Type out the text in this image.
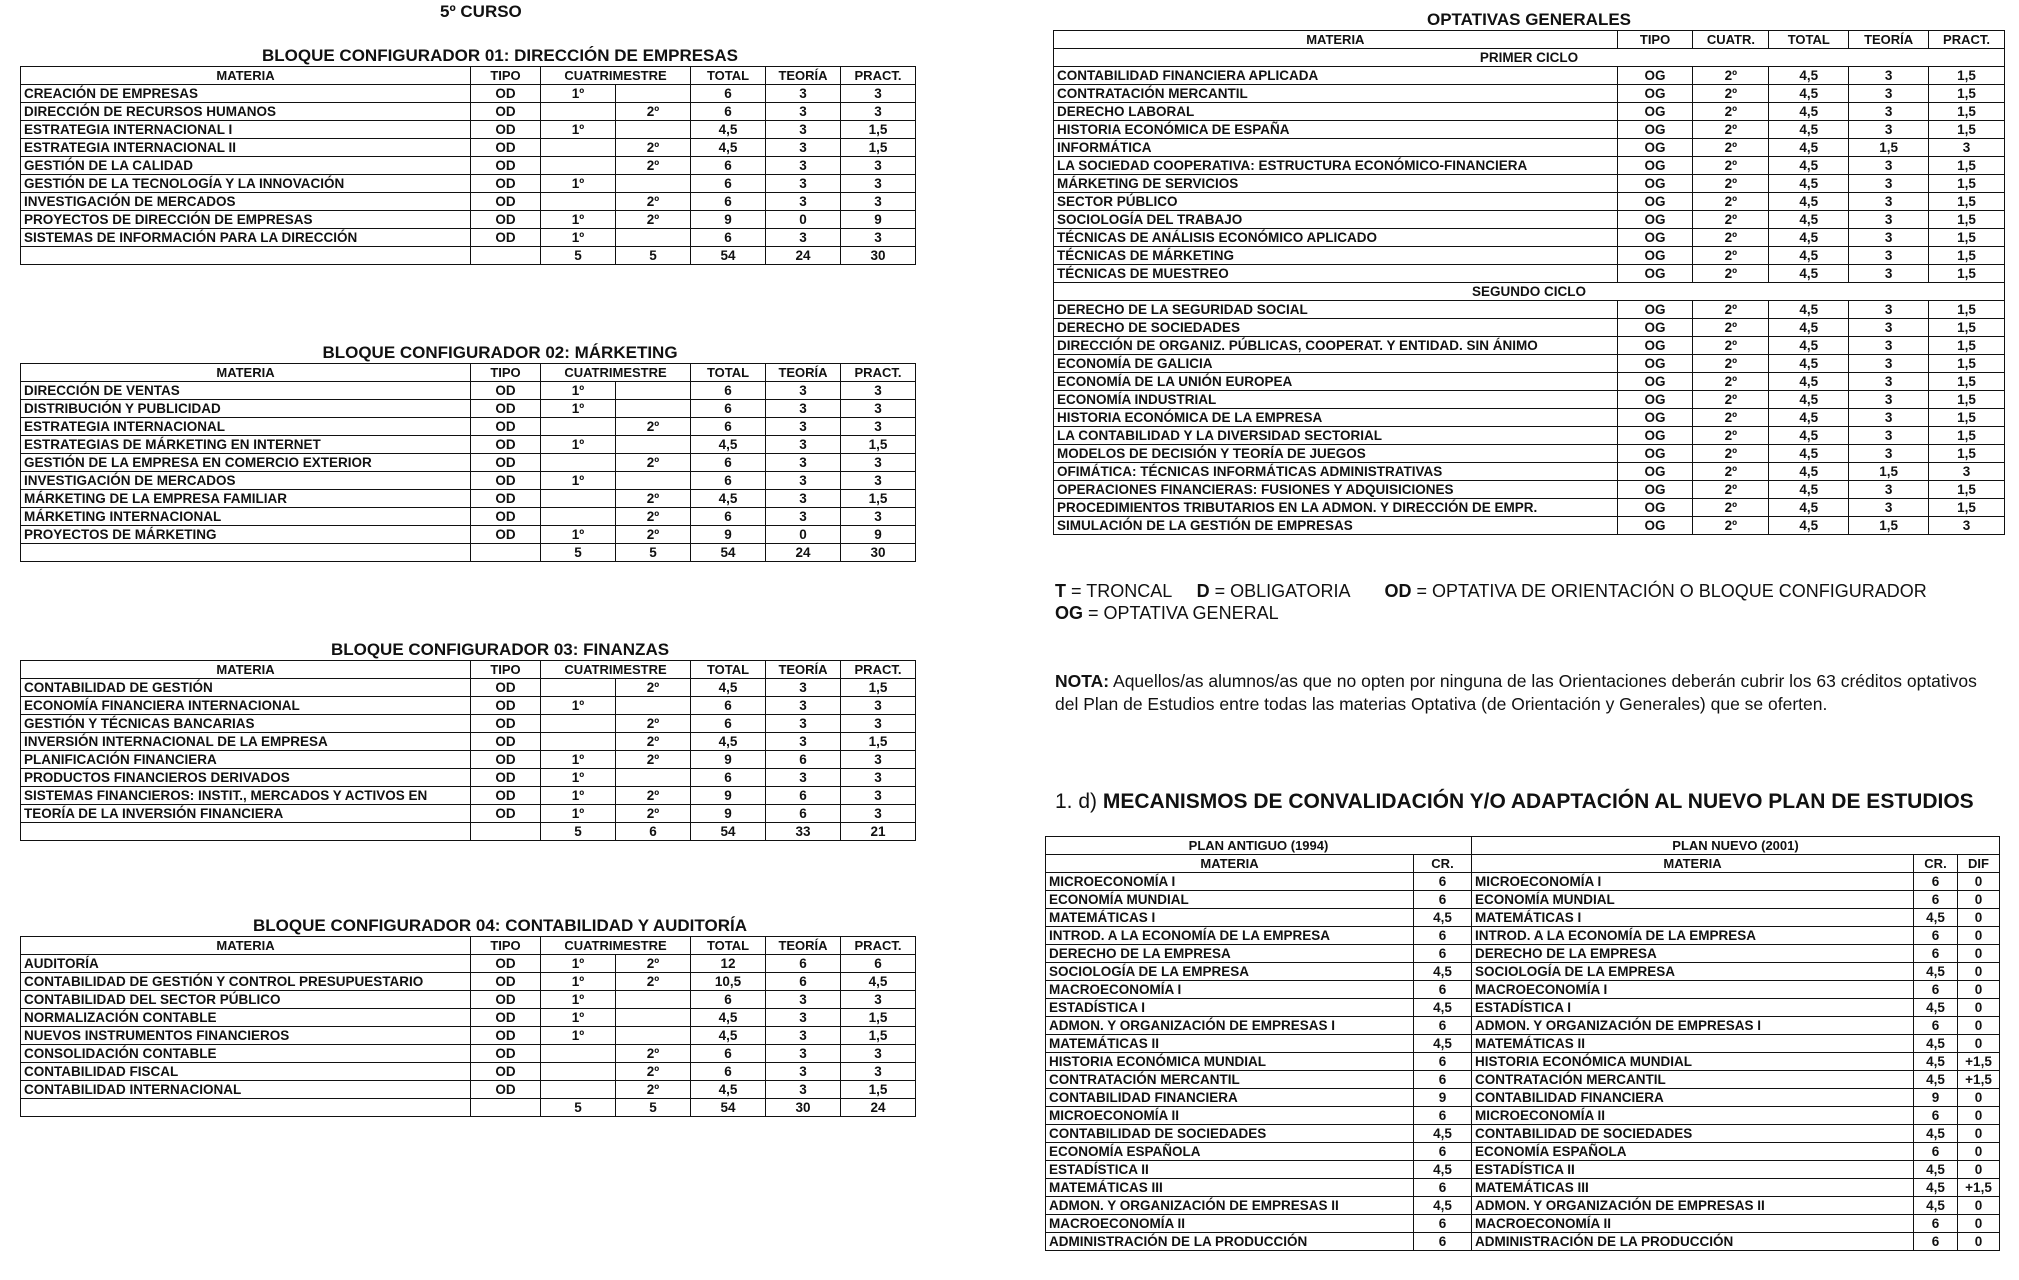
5º CURSO
BLOQUE CONFIGURADOR 01: DIRECCIÓN DE EMPRESAS
MATERIA	TIPO	CUATRIMESTRE		TOTAL	TEORÍA	PRACT.
CREACIÓN DE EMPRESAS	OD	1º		6	3	3
DIRECCIÓN DE RECURSOS HUMANOS	OD		2º	6	3	3
ESTRATEGIA INTERNACIONAL I	OD	1º		4,5	3	1,5
ESTRATEGIA INTERNACIONAL II	OD		2º	4,5	3	1,5
GESTIÓN DE LA CALIDAD	OD		2º	6	3	3
GESTIÓN DE LA TECNOLOGÍA Y LA INNOVACIÓN	OD	1º		6	3	3
INVESTIGACIÓN DE MERCADOS	OD		2º	6	3	3
PROYECTOS DE DIRECCIÓN DE EMPRESAS	OD	1º	2º	9	0	9
SISTEMAS DE INFORMACIÓN PARA LA DIRECCIÓN	OD	1º		6	3	3
		5	5	54	24	30
BLOQUE CONFIGURADOR 02: MÁRKETING
MATERIA	TIPO	CUATRIMESTRE		TOTAL	TEORÍA	PRACT.
DIRECCIÓN DE VENTAS	OD	1º		6	3	3
DISTRIBUCIÓN Y PUBLICIDAD	OD	1º		6	3	3
ESTRATEGIA INTERNACIONAL	OD		2º	6	3	3
ESTRATEGIAS DE MÁRKETING EN INTERNET	OD	1º		4,5	3	1,5
GESTIÓN DE LA EMPRESA EN COMERCIO EXTERIOR	OD		2º	6	3	3
INVESTIGACIÓN DE MERCADOS	OD	1º		6	3	3
MÁRKETING DE LA EMPRESA FAMILIAR	OD		2º	4,5	3	1,5
MÁRKETING INTERNACIONAL	OD		2º	6	3	3
PROYECTOS DE MÁRKETING	OD	1º	2º	9	0	9
		5	5	54	24	30
BLOQUE CONFIGURADOR 03: FINANZAS
MATERIA	TIPO	CUATRIMESTRE		TOTAL	TEORÍA	PRACT.
CONTABILIDAD DE GESTIÓN	OD		2º	4,5	3	1,5
ECONOMÍA FINANCIERA INTERNACIONAL	OD	1º		6	3	3
GESTIÓN Y TÉCNICAS BANCARIAS	OD		2º	6	3	3
INVERSIÓN INTERNACIONAL DE LA EMPRESA	OD		2º	4,5	3	1,5
PLANIFICACIÓN FINANCIERA	OD	1º	2º	9	6	3
PRODUCTOS FINANCIEROS DERIVADOS	OD	1º		6	3	3
SISTEMAS FINANCIEROS: INSTIT., MERCADOS Y ACTIVOS EN	OD	1º	2º	9	6	3
TEORÍA DE LA INVERSIÓN FINANCIERA	OD	1º	2º	9	6	3
		5	6	54	33	21
BLOQUE CONFIGURADOR 04: CONTABILIDAD Y AUDITORÍA
MATERIA	TIPO	CUATRIMESTRE		TOTAL	TEORÍA	PRACT.
AUDITORÍA	OD	1º	2º	12	6	6
CONTABILIDAD DE GESTIÓN Y CONTROL PRESUPUESTARIO	OD	1º	2º	10,5	6	4,5
CONTABILIDAD DEL SECTOR PÚBLICO	OD	1º		6	3	3
NORMALIZACIÓN CONTABLE	OD	1º		4,5	3	1,5
NUEVOS INSTRUMENTOS FINANCIEROS	OD	1º		4,5	3	1,5
CONSOLIDACIÓN CONTABLE	OD		2º	6	3	3
CONTABILIDAD FISCAL	OD		2º	6	3	3
CONTABILIDAD INTERNACIONAL	OD		2º	4,5	3	1,5
		5	5	54	30	24
OPTATIVAS GENERALES
MATERIA	TIPO	CUATR.	TOTAL	TEORÍA	PRACT.
PRIMER CICLO					
CONTABILIDAD FINANCIERA APLICADA	OG	2º	4,5	3	1,5
CONTRATACIÓN MERCANTIL	OG	2º	4,5	3	1,5
DERECHO LABORAL	OG	2º	4,5	3	1,5
HISTORIA ECONÓMICA DE ESPAÑA	OG	2º	4,5	3	1,5
INFORMÁTICA	OG	2º	4,5	1,5	3
LA SOCIEDAD COOPERATIVA: ESTRUCTURA ECONÓMICO-FINANCIERA	OG	2º	4,5	3	1,5
MÁRKETING DE SERVICIOS	OG	2º	4,5	3	1,5
SECTOR PÚBLICO	OG	2º	4,5	3	1,5
SOCIOLOGÍA DEL TRABAJO	OG	2º	4,5	3	1,5
TÉCNICAS DE ANÁLISIS ECONÓMICO APLICADO	OG	2º	4,5	3	1,5
TÉCNICAS DE MÁRKETING	OG	2º	4,5	3	1,5
TÉCNICAS DE MUESTREO	OG	2º	4,5	3	1,5
SEGUNDO CICLO					
DERECHO DE LA SEGURIDAD SOCIAL	OG	2º	4,5	3	1,5
DERECHO DE SOCIEDADES	OG	2º	4,5	3	1,5
DIRECCIÓN DE ORGANIZ. PÚBLICAS, COOPERAT. Y ENTIDAD. SIN ÁNIMO	OG	2º	4,5	3	1,5
ECONOMÍA DE GALICIA	OG	2º	4,5	3	1,5
ECONOMÍA DE LA UNIÓN EUROPEA	OG	2º	4,5	3	1,5
ECONOMÍA INDUSTRIAL	OG	2º	4,5	3	1,5
HISTORIA ECONÓMICA DE LA EMPRESA	OG	2º	4,5	3	1,5
LA CONTABILIDAD Y LA DIVERSIDAD SECTORIAL	OG	2º	4,5	3	1,5
MODELOS DE DECISIÓN Y TEORÍA DE JUEGOS	OG	2º	4,5	3	1,5
OFIMÁTICA: TÉCNICAS INFORMÁTICAS ADMINISTRATIVAS	OG	2º	4,5	1,5	3
OPERACIONES FINANCIERAS: FUSIONES Y ADQUISICIONES	OG	2º	4,5	3	1,5
PROCEDIMIENTOS TRIBUTARIOS EN LA ADMON. Y DIRECCIÓN DE EMPR.	OG	2º	4,5	3	1,5
SIMULACIÓN DE LA GESTIÓN DE EMPRESAS	OG	2º	4,5	1,5	3
T = TRONCAL D = OBLIGATORIA OD = OPTATIVA DE ORIENTACIÓN O BLOQUE CONFIGURADOR
OG = OPTATIVA GENERAL
NOTA: Aquellos/as alumnos/as que no opten por ninguna de las Orientaciones deberán cubrir los 63 créditos optativos del Plan de Estudios entre todas las materias Optativa (de Orientación y Generales) que se oferten.
1. d) MECANISMOS DE CONVALIDACIÓN Y/O ADAPTACIÓN AL NUEVO PLAN DE ESTUDIOS
PLAN ANTIGUO (1994)		PLAN NUEVO (2001)		
MATERIA	CR.	MATERIA	CR.	DIF
MICROECONOMÍA I	6	MICROECONOMÍA I	6	0
ECONOMÍA MUNDIAL	6	ECONOMÍA MUNDIAL	6	0
MATEMÁTICAS I	4,5	MATEMÁTICAS I	4,5	0
INTROD. A LA ECONOMÍA DE LA EMPRESA	6	INTROD. A LA ECONOMÍA DE LA EMPRESA	6	0
DERECHO DE LA EMPRESA	6	DERECHO DE LA EMPRESA	6	0
SOCIOLOGÍA DE LA EMPRESA	4,5	SOCIOLOGÍA DE LA EMPRESA	4,5	0
MACROECONOMÍA I	6	MACROECONOMÍA I	6	0
ESTADÍSTICA I	4,5	ESTADÍSTICA I	4,5	0
ADMON. Y ORGANIZACIÓN DE EMPRESAS I	6	ADMON. Y ORGANIZACIÓN DE EMPRESAS I	6	0
MATEMÁTICAS II	4,5	MATEMÁTICAS II	4,5	0
HISTORIA ECONÓMICA MUNDIAL	6	HISTORIA ECONÓMICA MUNDIAL	4,5	+1,5
CONTRATACIÓN MERCANTIL	6	CONTRATACIÓN MERCANTIL	4,5	+1,5
CONTABILIDAD FINANCIERA	9	CONTABILIDAD FINANCIERA	9	0
MICROECONOMÍA II	6	MICROECONOMÍA II	6	0
CONTABILIDAD DE SOCIEDADES	4,5	CONTABILIDAD DE SOCIEDADES	4,5	0
ECONOMÍA ESPAÑOLA	6	ECONOMÍA ESPAÑOLA	6	0
ESTADÍSTICA II	4,5	ESTADÍSTICA II	4,5	0
MATEMÁTICAS III	6	MATEMÁTICAS III	4,5	+1,5
ADMON. Y ORGANIZACIÓN DE EMPRESAS II	4,5	ADMON. Y ORGANIZACIÓN DE EMPRESAS II	4,5	0
MACROECONOMÍA II	6	MACROECONOMÍA II	6	0
ADMINISTRACIÓN DE LA PRODUCCIÓN	6	ADMINISTRACIÓN DE LA PRODUCCIÓN	6	0
